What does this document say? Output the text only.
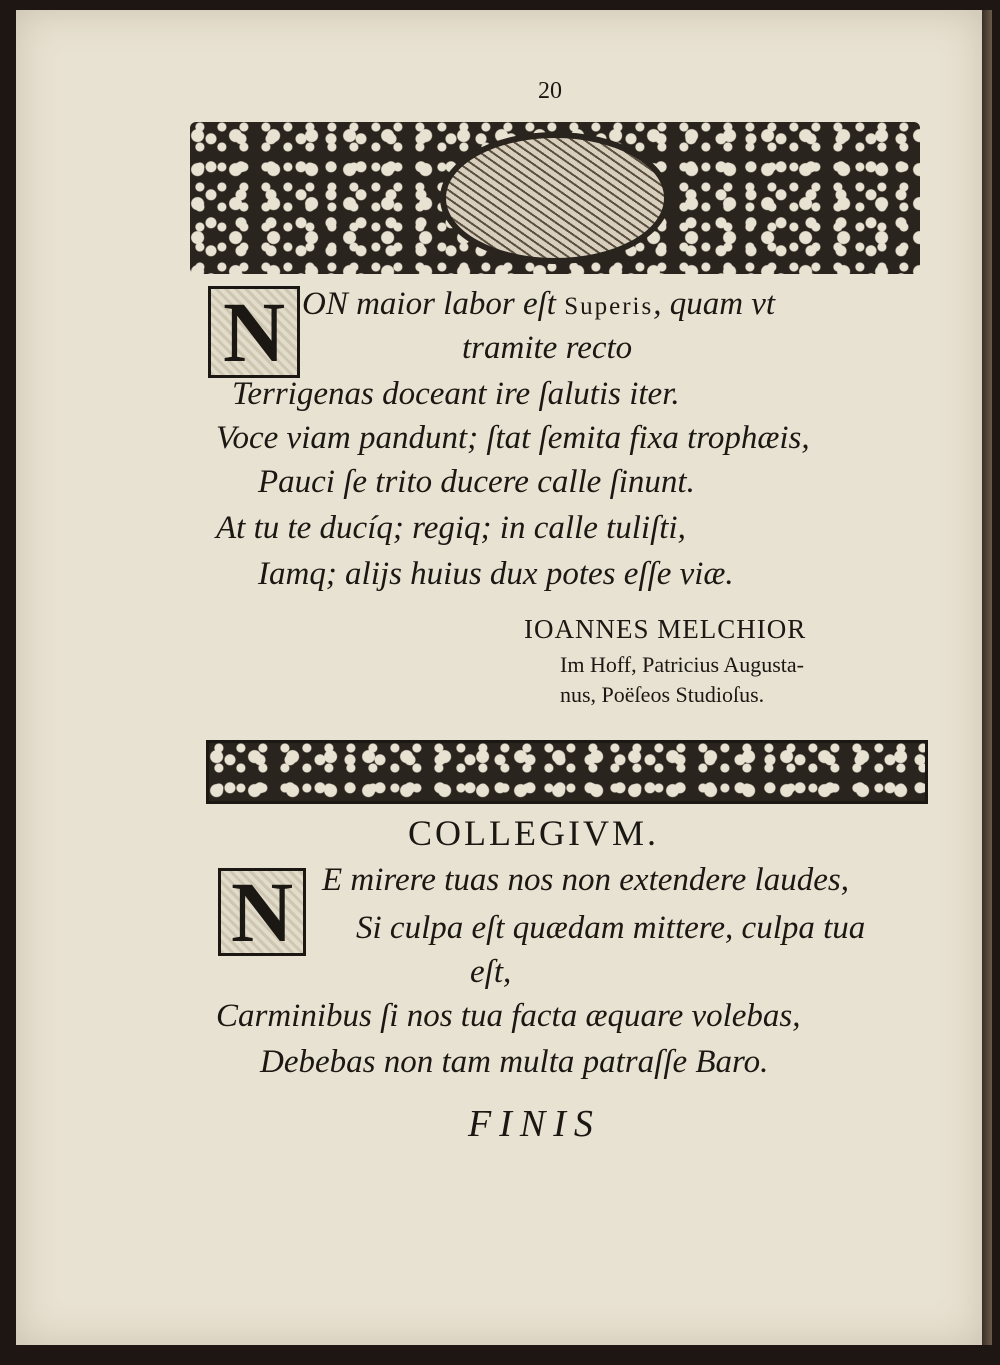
20
N ON maior labor eſt Superis, quam vt
tramite recto
Terrigenas doceant ire ſalutis iter.
Voce viam pandunt; ſtat ſemita fixa trophæis,
Pauci ſe trito ducere calle ſinunt.
At tu te ducíq; regiq; in calle tuliſti,
Iamq; alijs huius dux potes eſſe viæ.
IOANNES MELCHIOR
Im Hoff, Patricius Augusta-
nus, Poëſeos Studioſus.
COLLEGIVM.
N E mirere tuas nos non extendere laudes,
Si culpa eſt quædam mittere, culpa tua
eſt,
Carminibus ſi nos tua facta æquare volebas,
Debebas non tam multa patraſſe Baro.
FINIS
